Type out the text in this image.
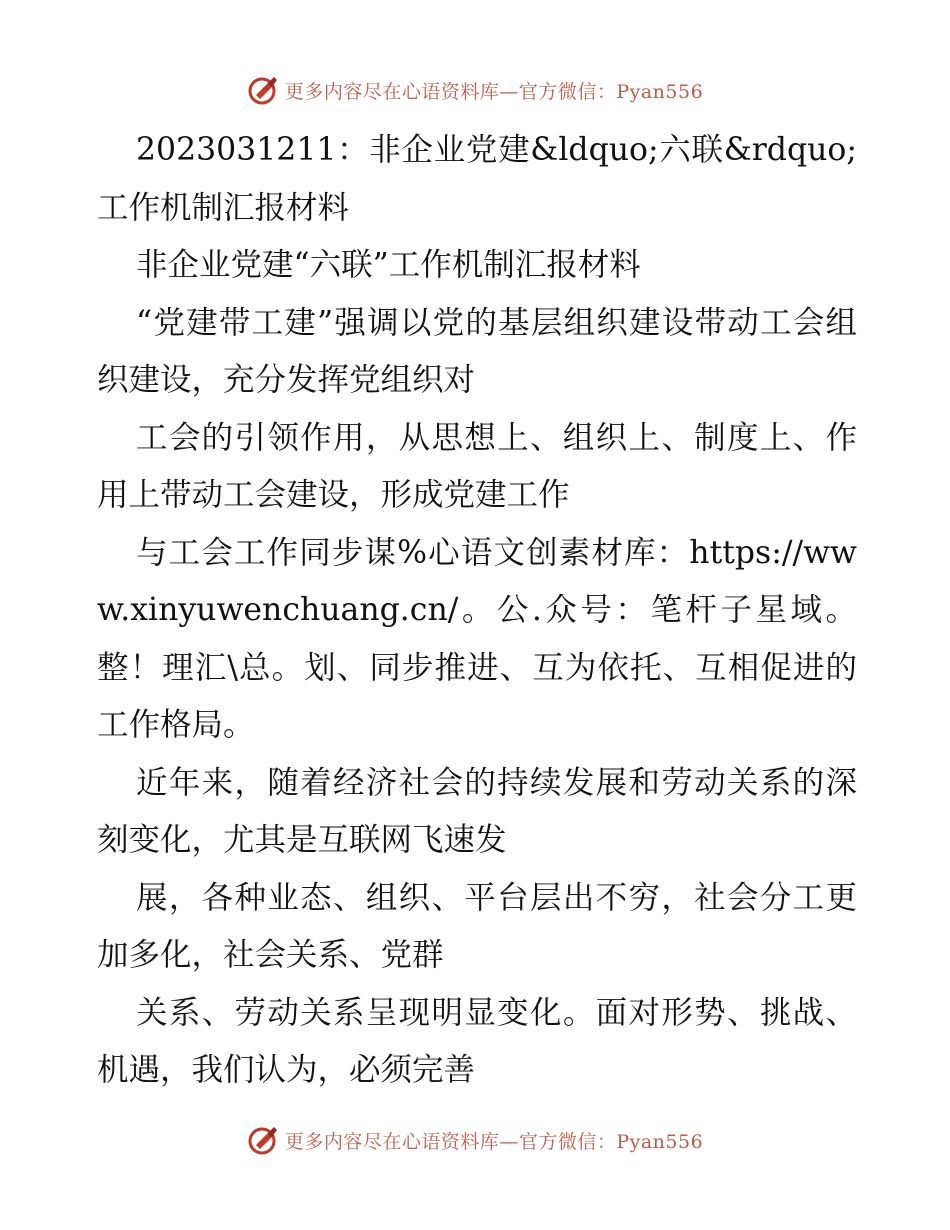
更多内容尽在心语资料库—官方微信：Pyan556

2023031211：非企业党建&ldquo;六联&rdquo;工作机制汇报材料

非企业党建“六联”工作机制汇报材料

“党建带工建”强调以党的基层组织建设带动工会组织建设，充分发挥党组织对

工会的引领作用，从思想上、组织上、制度上、作用上带动工会建设，形成党建工作

与工会工作同步谋%心语文创素材库：https://www.xinyuwenchuang.cn/。公.众号：笔杆子星域。整！理汇\总。划、同步推进、互为依托、互相促进的工作格局。

近年来，随着经济社会的持续发展和劳动关系的深刻变化，尤其是互联网飞速发

展，各种业态、组织、平台层出不穷，社会分工更加多化，社会关系、党群

关系、劳动关系呈现明显变化。面对形势、挑战、机遇，我们认为，必须完善

更多内容尽在心语资料库—官方微信：Pyan556
